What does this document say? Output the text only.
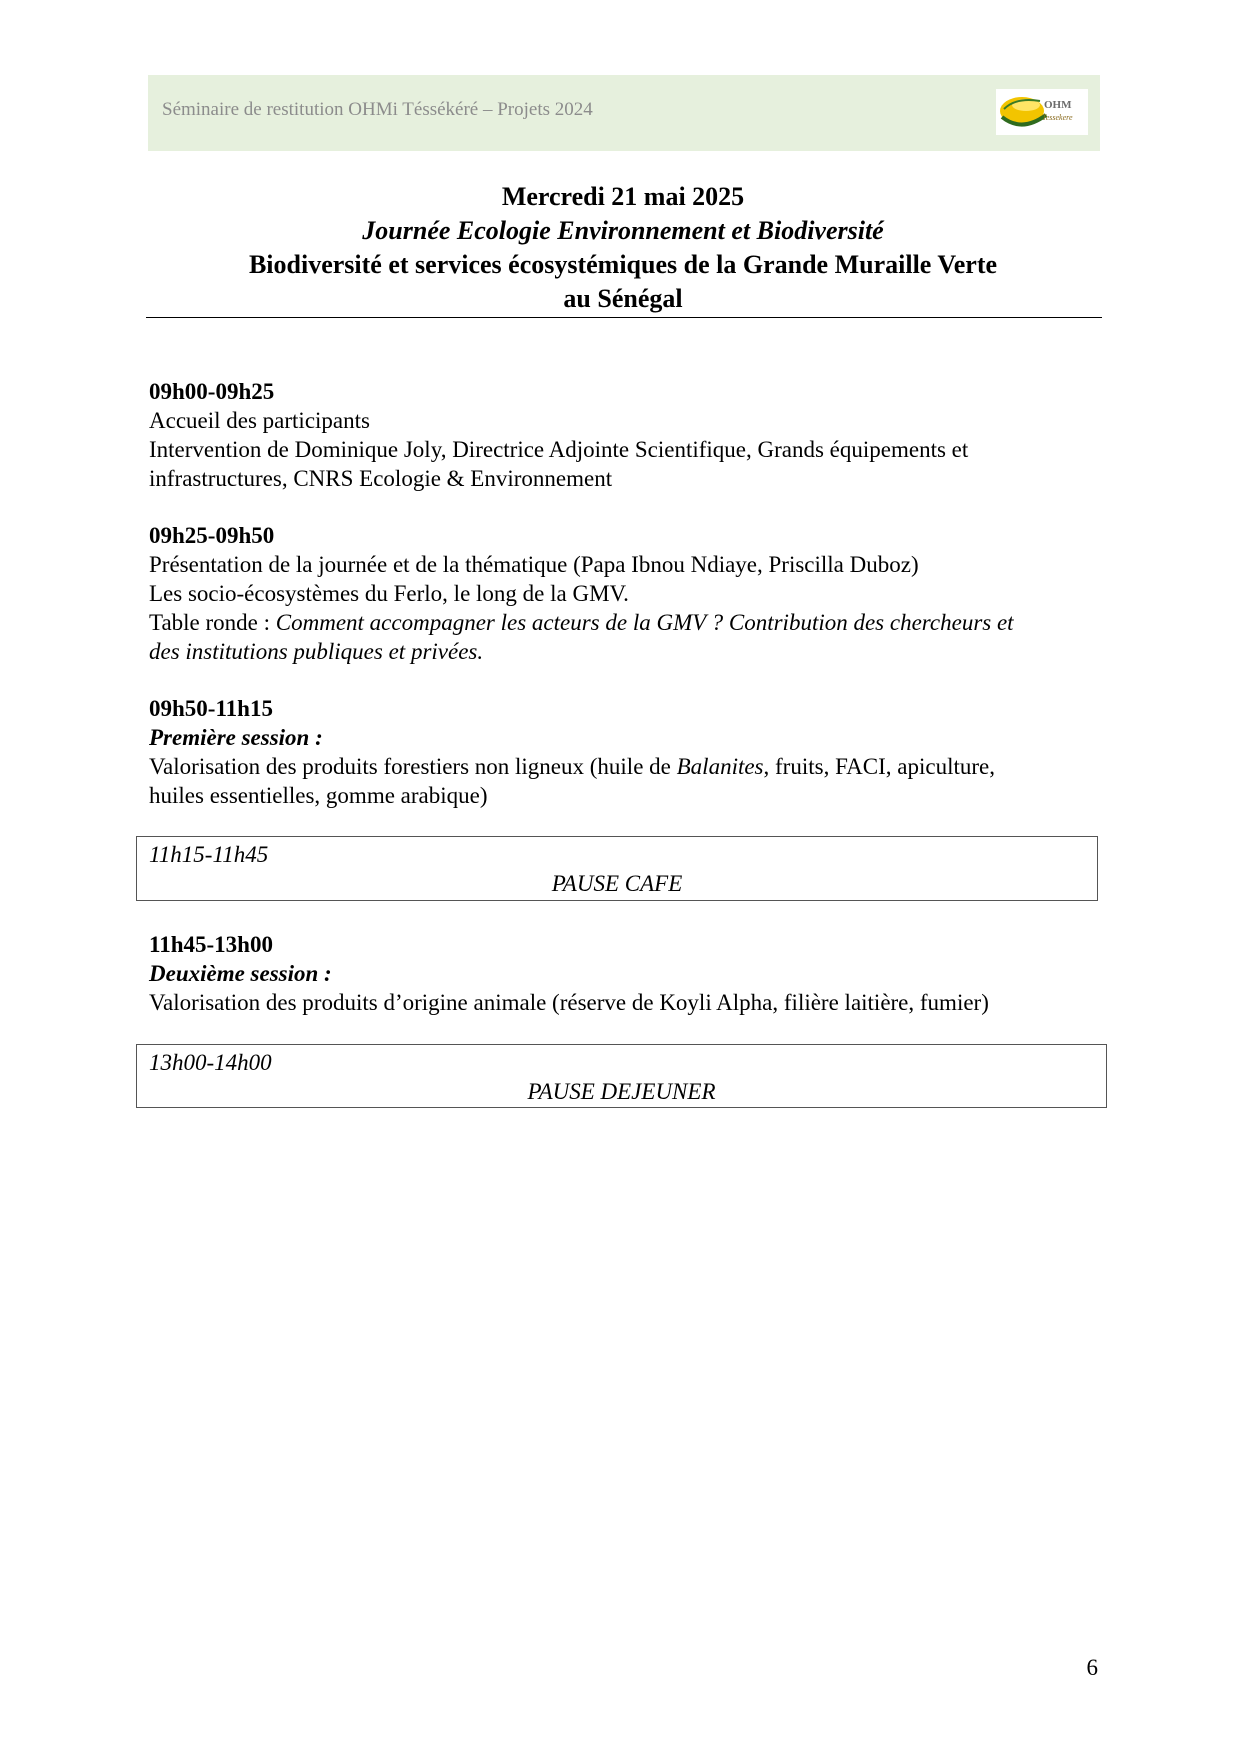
Séminaire de restitution OHMi Téssékéré – Projets 2024	OHM
Tessekere
Mercredi 21 mai 2025
Journée Ecologie Environnement et Biodiversité
Biodiversité et services écosystémiques de la Grande Muraille Verte
au Sénégal
09h00-09h25
Accueil des participants
Intervention de Dominique Joly, Directrice Adjointe Scientifique, Grands équipements et
infrastructures, CNRS Ecologie & Environnement
09h25-09h50
Présentation de la journée et de la thématique (Papa Ibnou Ndiaye, Priscilla Duboz)
Les socio-écosystèmes du Ferlo, le long de la GMV.
Table ronde : Comment accompagner les acteurs de la GMV ? Contribution des chercheurs et
des institutions publiques et privées.
09h50-11h15
Première session :
Valorisation des produits forestiers non ligneux (huile de Balanites, fruits, FACI, apiculture,
huiles essentielles, gomme arabique)
11h15-11h45
PAUSE CAFE
11h45-13h00
Deuxième session :
Valorisation des produits d’origine animale (réserve de Koyli Alpha, filière laitière, fumier)
13h00-14h00
PAUSE DEJEUNER
6
